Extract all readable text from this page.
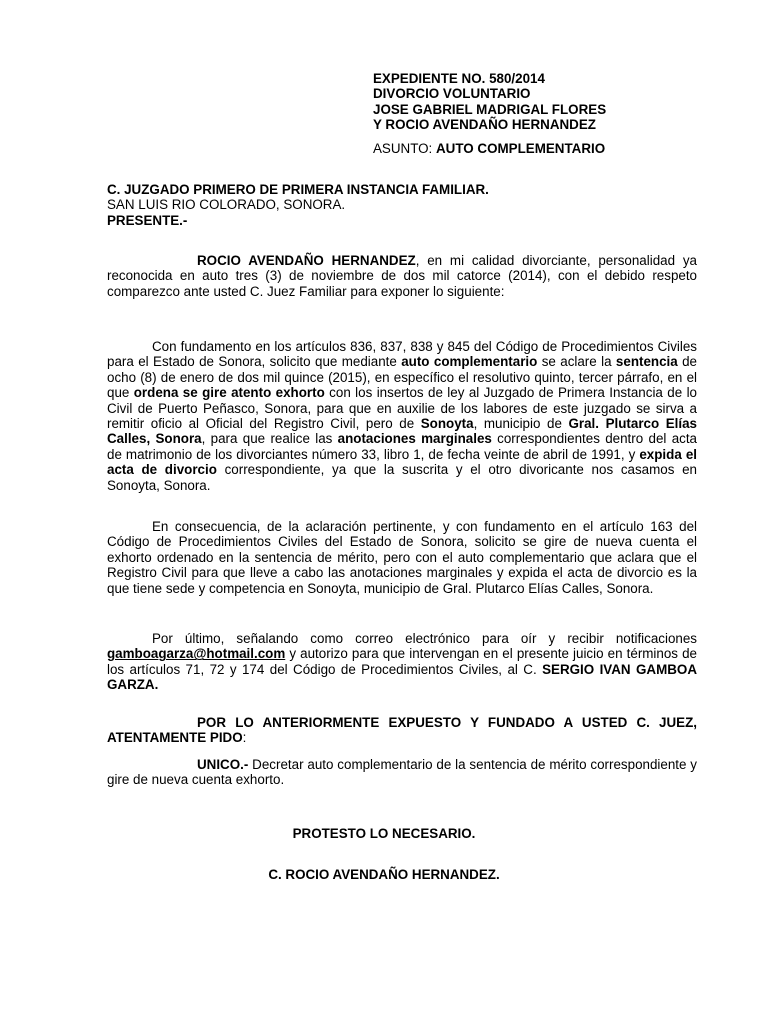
EXPEDIENTE NO. 580/2014
DIVORCIO VOLUNTARIO
JOSE GABRIEL MADRIGAL FLORES
Y ROCIO AVENDAÑO HERNANDEZ
ASUNTO: AUTO COMPLEMENTARIO
C. JUZGADO PRIMERO DE PRIMERA INSTANCIA FAMILIAR.
SAN LUIS RIO COLORADO, SONORA.
PRESENTE.-
ROCIO AVENDAÑO HERNANDEZ, en mi calidad divorciante, personalidad ya reconocida en auto tres (3) de noviembre de dos mil catorce (2014), con el debido respeto comparezco ante usted C. Juez Familiar para exponer lo siguiente:
Con fundamento en los artículos 836, 837, 838 y 845 del Código de Procedimientos Civiles para el Estado de Sonora, solicito que mediante auto complementario se aclare la sentencia de ocho (8) de enero de dos mil quince (2015), en específico el resolutivo quinto, tercer párrafo, en el que ordena se gire atento exhorto con los insertos de ley al Juzgado de Primera Instancia de lo Civil de Puerto Peñasco, Sonora, para que en auxilie de los labores de este juzgado se sirva a remitir oficio al Oficial del Registro Civil, pero de Sonoyta, municipio de Gral. Plutarco Elías Calles, Sonora, para que realice las anotaciones marginales correspondientes dentro del acta de matrimonio de los divorciantes número 33, libro 1, de fecha veinte de abril de 1991, y expida el acta de divorcio correspondiente, ya que la suscrita y el otro divoricante nos casamos en Sonoyta, Sonora.
En consecuencia, de la aclaración pertinente, y con fundamento en el artículo 163 del Código de Procedimientos Civiles del Estado de Sonora, solicito se gire de nueva cuenta el exhorto ordenado en la sentencia de mérito, pero con el auto complementario que aclara que el Registro Civil para que lleve a cabo las anotaciones marginales y expida el acta de divorcio es la que tiene sede y competencia en Sonoyta, municipio de Gral. Plutarco Elías Calles, Sonora.
Por último, señalando como correo electrónico para oír y recibir notificaciones gamboagarza@hotmail.com y autorizo para que intervengan en el presente juicio en términos de los artículos 71, 72 y 174 del Código de Procedimientos Civiles, al C. SERGIO IVAN GAMBOA GARZA.
POR LO ANTERIORMENTE EXPUESTO Y FUNDADO A USTED C. JUEZ, ATENTAMENTE PIDO:
UNICO.- Decretar auto complementario de la sentencia de mérito correspondiente y gire de nueva cuenta exhorto.
PROTESTO LO NECESARIO.
C. ROCIO AVENDAÑO HERNANDEZ.
